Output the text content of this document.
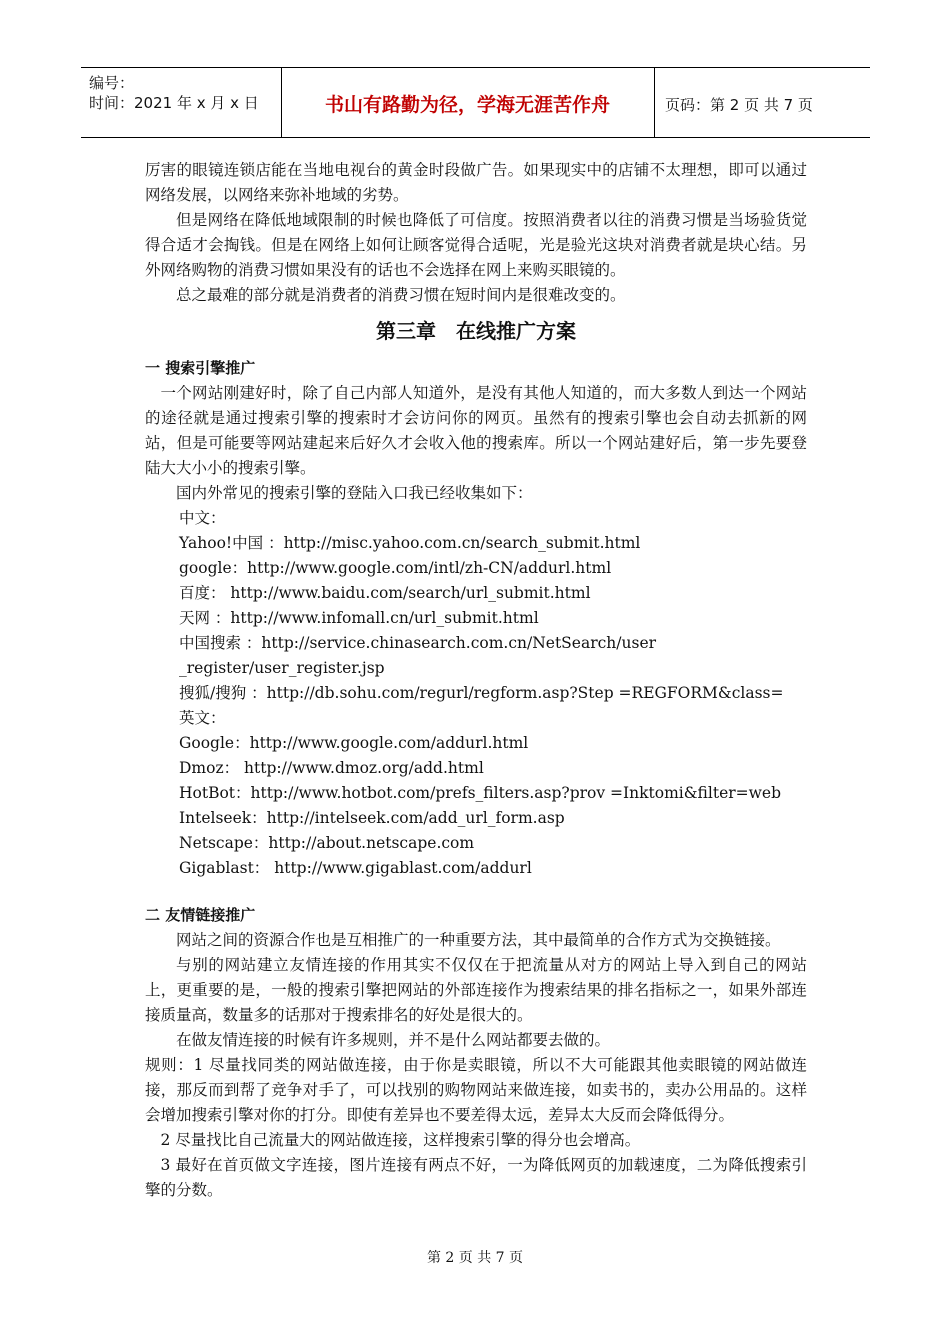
编号：
时间：2021 年 x 月 x 日	书山有路勤为径，学海无涯苦作舟	页码：第 2 页 共 7 页

厉害的眼镜连锁店能在当地电视台的黄金时段做广告。如果现实中的店铺不太理想，即可以通过网络发展，以网络来弥补地域的劣势。

但是网络在降低地域限制的时候也降低了可信度。按照消费者以往的消费习惯是当场验货觉得合适才会掏钱。但是在网络上如何让顾客觉得合适呢，光是验光这块对消费者就是块心结。另外网络购物的消费习惯如果没有的话也不会选择在网上来购买眼镜的。

总之最难的部分就是消费者的消费习惯在短时间内是很难改变的。

第三章　在线推广方案
一 搜索引擎推广

一个网站刚建好时，除了自己内部人知道外，是没有其他人知道的，而大多数人到达一个网站的途径就是通过搜索引擎的搜索时才会访问你的网页。虽然有的搜索引擎也会自动去抓新的网站，但是可能要等网站建起来后好久才会收入他的搜索库。所以一个网站建好后，第一步先要登陆大大小小的搜索引擎。

国内外常见的搜索引擎的登陆入口我已经收集如下：

中文：
Yahoo!中国 ：http://misc.yahoo.com.cn/search_submit.html
google：http://www.google.com/intl/zh-CN/addurl.html
百度： http://www.baidu.com/search/url_submit.html
天网 ：http://www.infomall.cn/url_submit.html
中国搜索 ：http://service.chinasearch.com.cn/NetSearch/user _register/user_register.jsp
搜狐/搜狗 ：http://db.sohu.com/regurl/regform.asp?Step =REGFORM&class=
英文：
Google：http://www.google.com/addurl.html
Dmoz： http://www.dmoz.org/add.html
HotBot：http://www.hotbot.com/prefs_filters.asp?prov =Inktomi&filter=web
Intelseek：http://intelseek.com/add_url_form.asp
Netscape：http://about.netscape.com
Gigablast： http://www.gigablast.com/addurl
二 友情链接推广

网站之间的资源合作也是互相推广的一种重要方法，其中最简单的合作方式为交换链接。

与别的网站建立友情连接的作用其实不仅仅在于把流量从对方的网站上导入到自己的网站上，更重要的是，一般的搜索引擎把网站的外部连接作为搜索结果的排名指标之一，如果外部连接质量高，数量多的话那对于搜索排名的好处是很大的。

在做友情连接的时候有许多规则，并不是什么网站都要去做的。

规则：1 尽量找同类的网站做连接，由于你是卖眼镜，所以不大可能跟其他卖眼镜的网站做连接，那反而到帮了竞争对手了，可以找别的购物网站来做连接，如卖书的，卖办公用品的。这样会增加搜索引擎对你的打分。即使有差异也不要差得太远，差异太大反而会降低得分。

2 尽量找比自己流量大的网站做连接，这样搜索引擎的得分也会增高。

3 最好在首页做文字连接，图片连接有两点不好，一为降低网页的加载速度，二为降低搜索引擎的分数。

第 2 页 共 7 页
